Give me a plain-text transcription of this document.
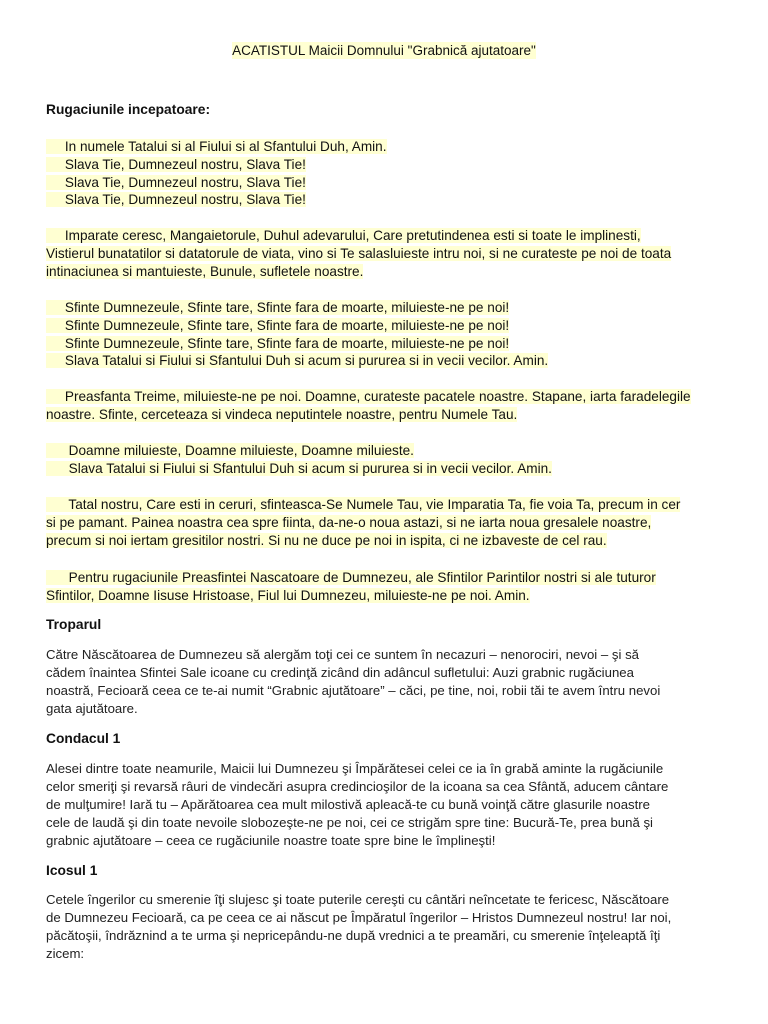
ACATISTUL Maicii Domnului "Grabnică ajutatoare"
Rugaciunile incepatoare:
In numele Tatalui si al Fiului si al Sfantului Duh, Amin.
Slava Tie, Dumnezeul nostru, Slava Tie!
Slava Tie, Dumnezeul nostru, Slava Tie!
Slava Tie, Dumnezeul nostru, Slava Tie!
Imparate ceresc, Mangaietorule, Duhul adevarului, Care pretutindenea esti si toate le implinesti,
Vistierul bunatatilor si datatorule de viata, vino si Te salasluieste intru noi, si ne curateste pe noi de toata
intinaciunea si mantuieste, Bunule, sufletele noastre.
Sfinte Dumnezeule, Sfinte tare, Sfinte fara de moarte, miluieste-ne pe noi!
Sfinte Dumnezeule, Sfinte tare, Sfinte fara de moarte, miluieste-ne pe noi!
Sfinte Dumnezeule, Sfinte tare, Sfinte fara de moarte, miluieste-ne pe noi!
Slava Tatalui si Fiului si Sfantului Duh si acum si pururea si in vecii vecilor. Amin.
Preasfanta Treime, miluieste-ne pe noi. Doamne, curateste pacatele noastre. Stapane, iarta faradelegile
noastre. Sfinte, cerceteaza si vindeca neputintele noastre, pentru Numele Tau.
Doamne miluieste, Doamne miluieste, Doamne miluieste.
Slava Tatalui si Fiului si Sfantului Duh si acum si pururea si in vecii vecilor. Amin.
Tatal nostru, Care esti in ceruri, sfinteasca-Se Numele Tau, vie Imparatia Ta, fie voia Ta, precum in cer
si pe pamant. Painea noastra cea spre fiinta, da-ne-o noua astazi, si ne iarta noua gresalele noastre,
precum si noi iertam gresitilor nostri. Si nu ne duce pe noi in ispita, ci ne izbaveste de cel rau.
Pentru rugaciunile Preasfintei Nascatoare de Dumnezeu, ale Sfintilor Parintilor nostri si ale tuturor
Sfintilor, Doamne Iisuse Hristoase, Fiul lui Dumnezeu, miluieste-ne pe noi. Amin.
Troparul
Către Născătoarea de Dumnezeu să alergăm toţi cei ce suntem în necazuri – nenorociri, nevoi – şi să
cădem înaintea Sfintei Sale icoane cu credinţă zicând din adâncul sufletului: Auzi grabnic rugăciunea
noastră, Fecioară ceea ce te-ai numit “Grabnic ajutătoare” – căci, pe tine, noi, robii tăi te avem întru nevoi
gata ajutătoare.
Condacul 1
Alesei dintre toate neamurile, Maicii lui Dumnezeu şi Împărătesei celei ce ia în grabă aminte la rugăciunile
celor smeriţi şi revarsă râuri de vindecări asupra credincioşilor de la icoana sa cea Sfântă, aducem cântare
de mulţumire! Iară tu – Apărătoarea cea mult milostivă apleacă-te cu bună voinţă către glasurile noastre
cele de laudă şi din toate nevoile slobozeşte-ne pe noi, cei ce strigăm spre tine: Bucură-Te, prea bună şi
grabnic ajutătoare – ceea ce rugăciunile noastre toate spre bine le împlineşti!
Icosul 1
Cetele îngerilor cu smerenie îţi slujesc şi toate puterile cereşti cu cântări neîncetate te fericesc, Născătoare
de Dumnezeu Fecioară, ca pe ceea ce ai născut pe Împăratul îngerilor – Hristos Dumnezeul nostru! Iar noi,
păcătoşii, îndrăznind a te urma şi nepricepându-ne după vrednici a te preamări, cu smerenie înţeleaptă îţi
zicem:
